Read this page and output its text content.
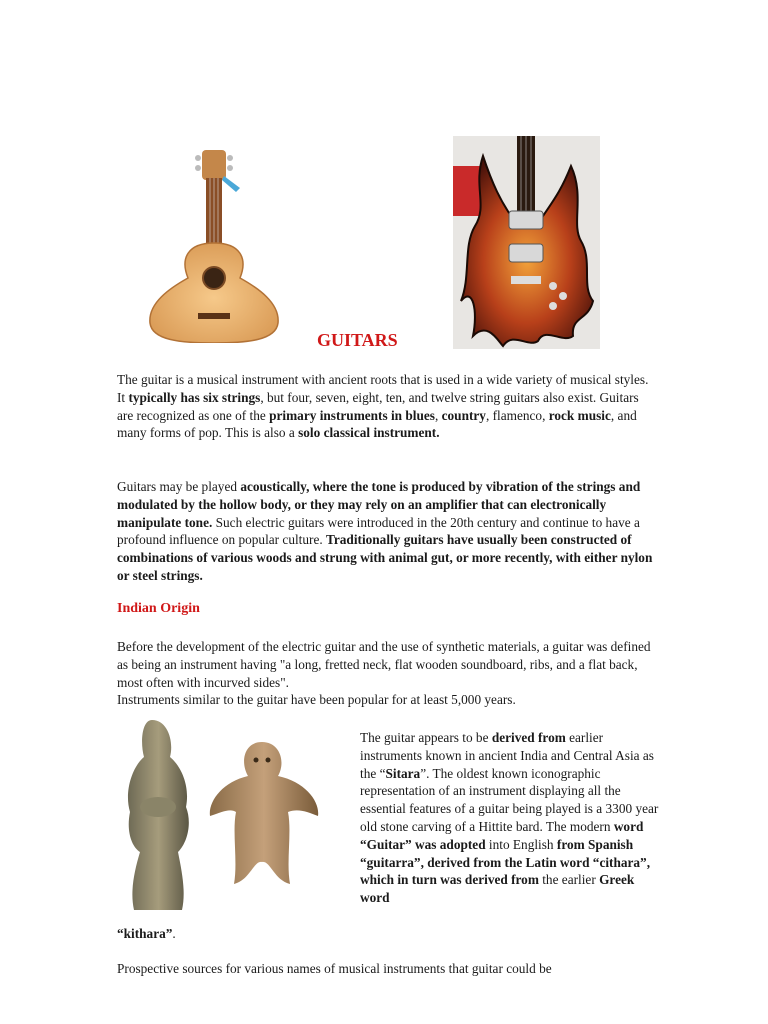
GUITARS

The guitar is a musical instrument with ancient roots that is used in a wide variety of musical styles. It typically has six strings, but four, seven, eight, ten, and twelve string guitars also exist. Guitars are recognized as one of the primary instruments in blues, country, flamenco, rock music, and many forms of pop. This is also a solo classical instrument.

Guitars may be played acoustically, where the tone is produced by vibration of the strings and modulated by the hollow body, or they may rely on an amplifier that can electronically manipulate tone. Such electric guitars were introduced in the 20th century and continue to have a profound influence on popular culture. Traditionally guitars have usually been constructed of combinations of various woods and strung with animal gut, or more recently, with either nylon or steel strings.

Indian Origin

Before the development of the electric guitar and the use of synthetic materials, a guitar was defined as being an instrument having "a long, fretted neck, flat wooden soundboard, ribs, and a flat back, most often with incurved sides".
Instruments similar to the guitar have been popular for at least 5,000 years.

The guitar appears to be derived from earlier instruments known in ancient India and Central Asia as the “Sitara”. The oldest known iconographic representation of an instrument displaying all the essential features of a guitar being played is a 3300 year old stone carving of a Hittite bard. The modern word “Guitar” was adopted into English from Spanish “guitarra”, derived from the Latin word “cithara”, which in turn was derived from the earlier Greek word

“kithara”.

Prospective sources for various names of musical instruments that guitar could be
